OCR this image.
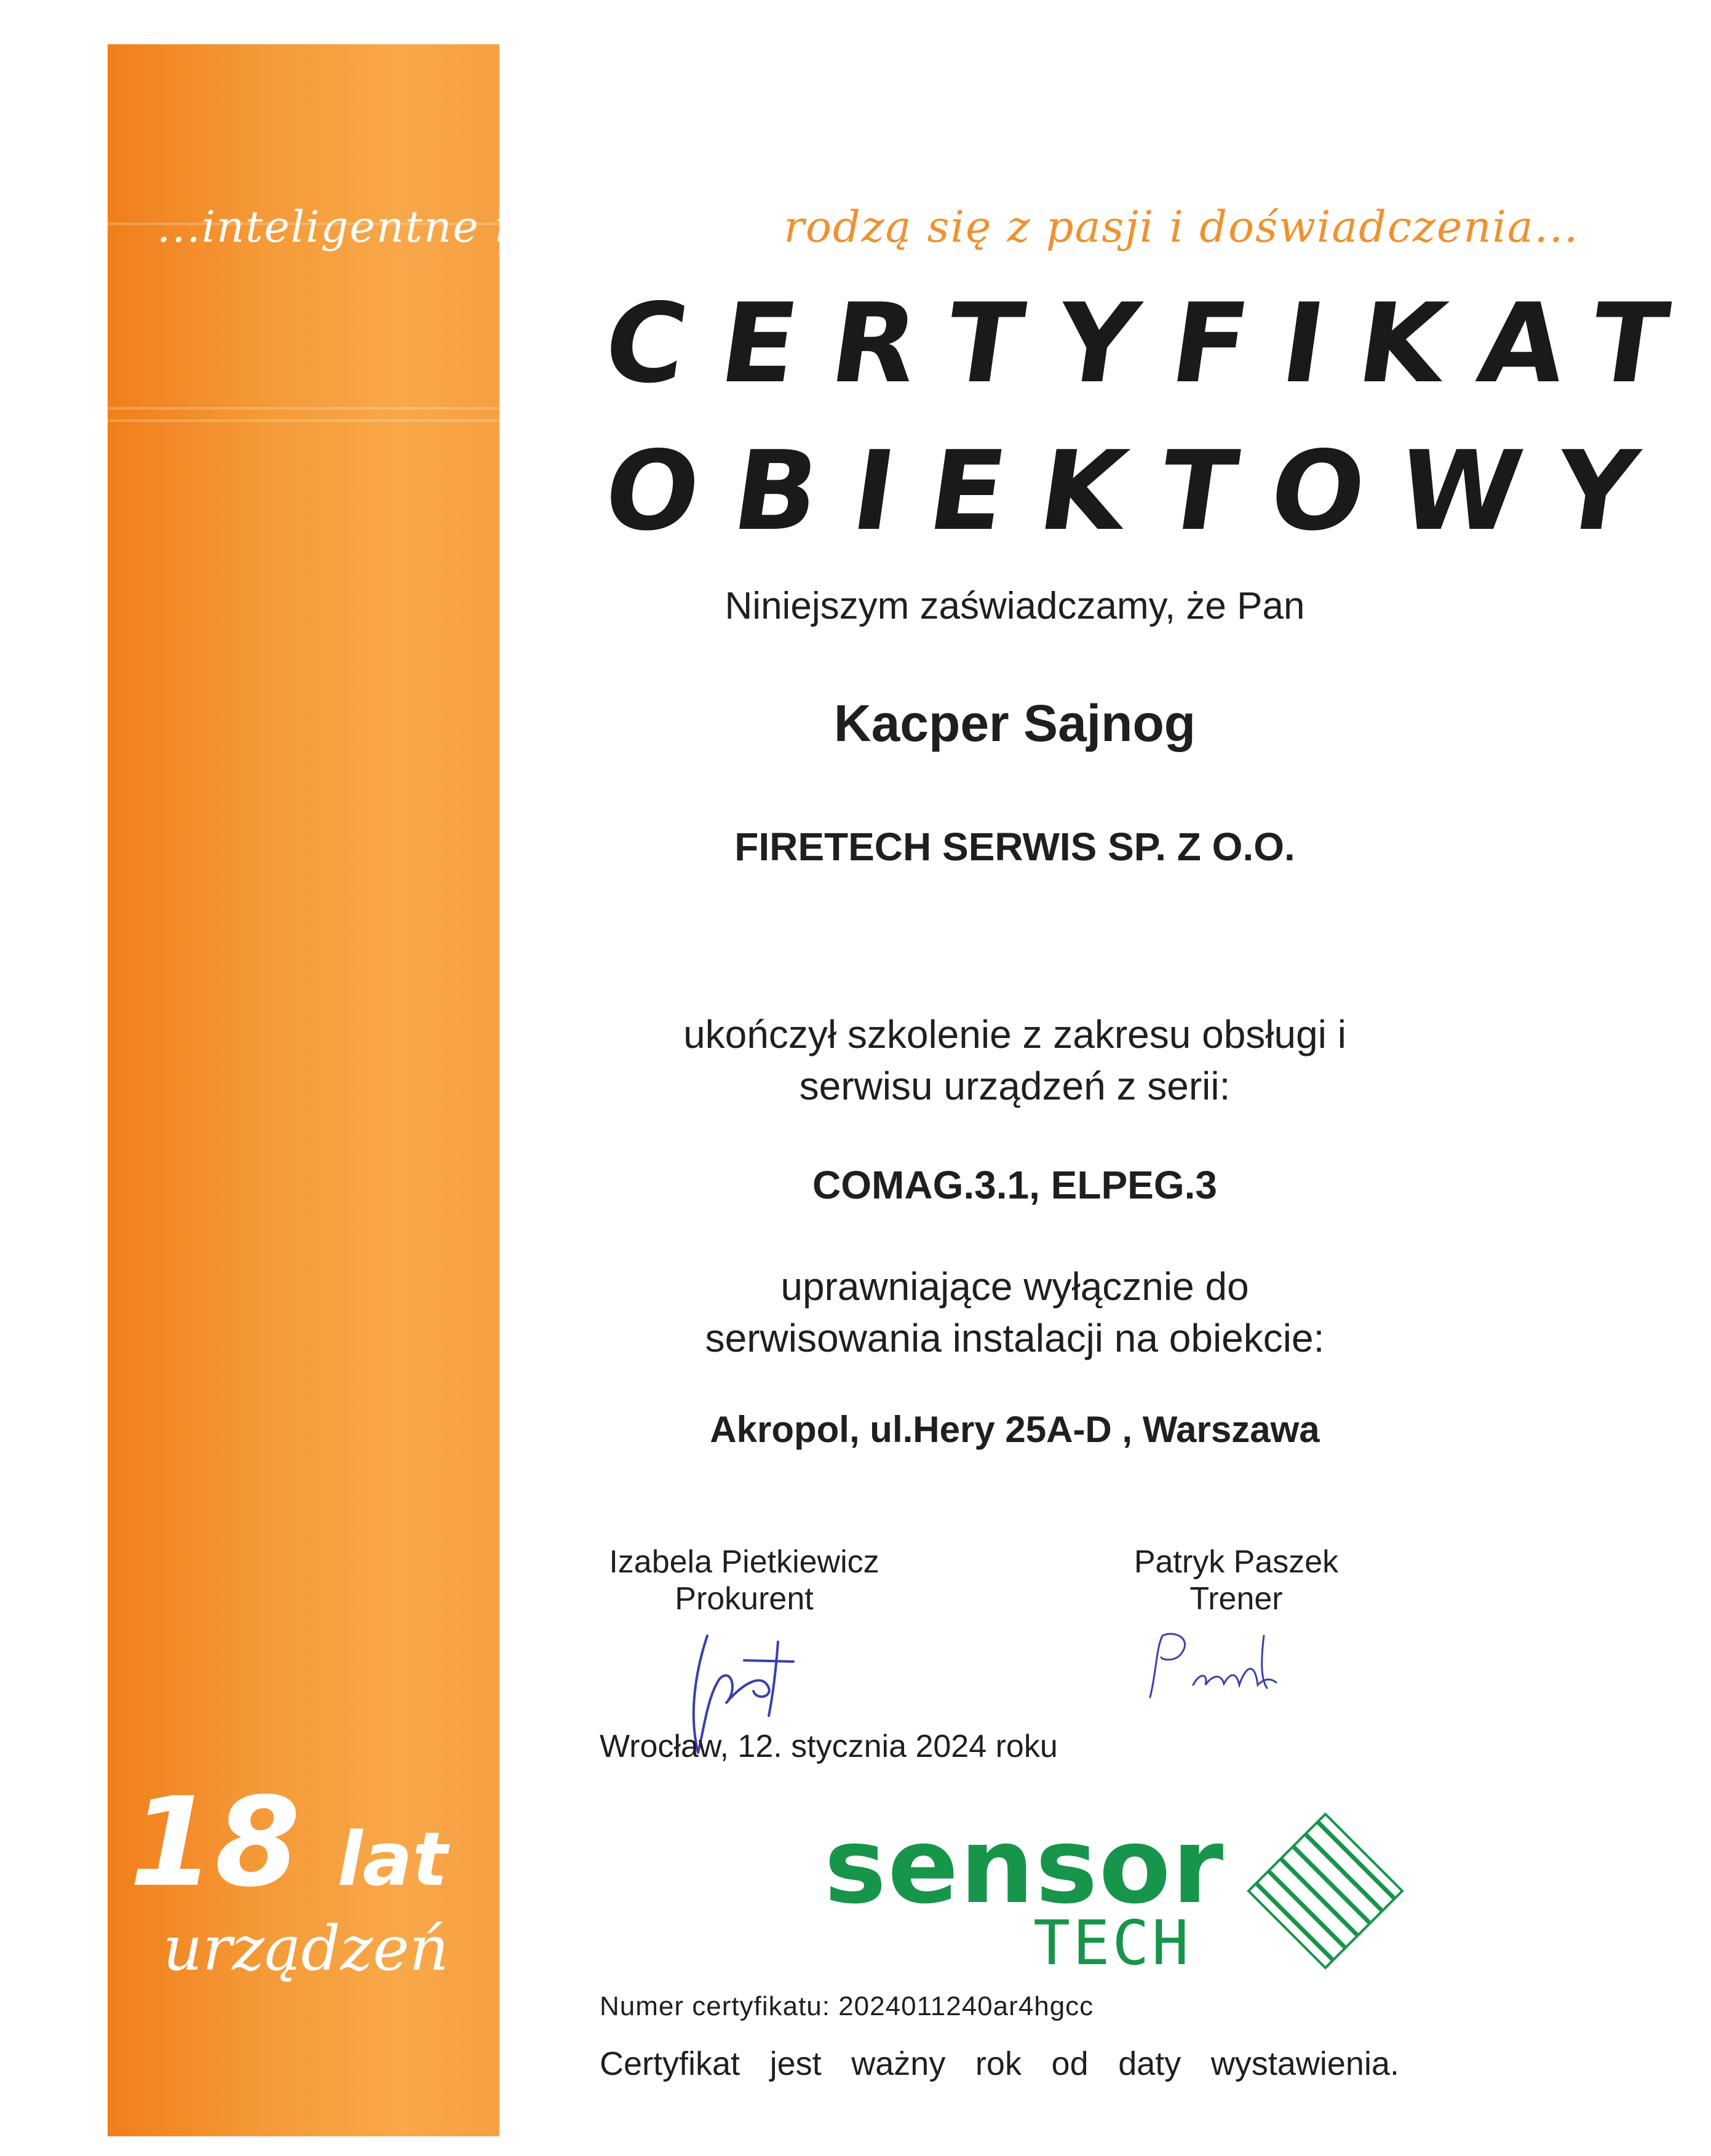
...inteligentne rozwiązania rodzą się z pasji i doświadczenia...
CERTYFIKAT
OBIEKTOWY
Niniejszym zaświadczamy, że Pan
Kacper Sajnog
FIRETECH SERWIS SP. Z O.O.
ukończył szkolenie z zakresu obsługi i
serwisu urządzeń z serii:
COMAG.3.1, ELPEG.3
uprawniające wyłącznie do
serwisowania instalacji na obiekcie:
Akropol, ul.Hery 25A-D , Warszawa
Izabela Pietkiewicz
Prokurent
Patryk Paszek
Trener
Wrocław, 12. stycznia 2024 roku
18 lat
urządzeń
sensor
TECH
Numer certyfikatu: 2024011240ar4hgcc
Certyfikat jest ważny rok od daty wystawienia.
